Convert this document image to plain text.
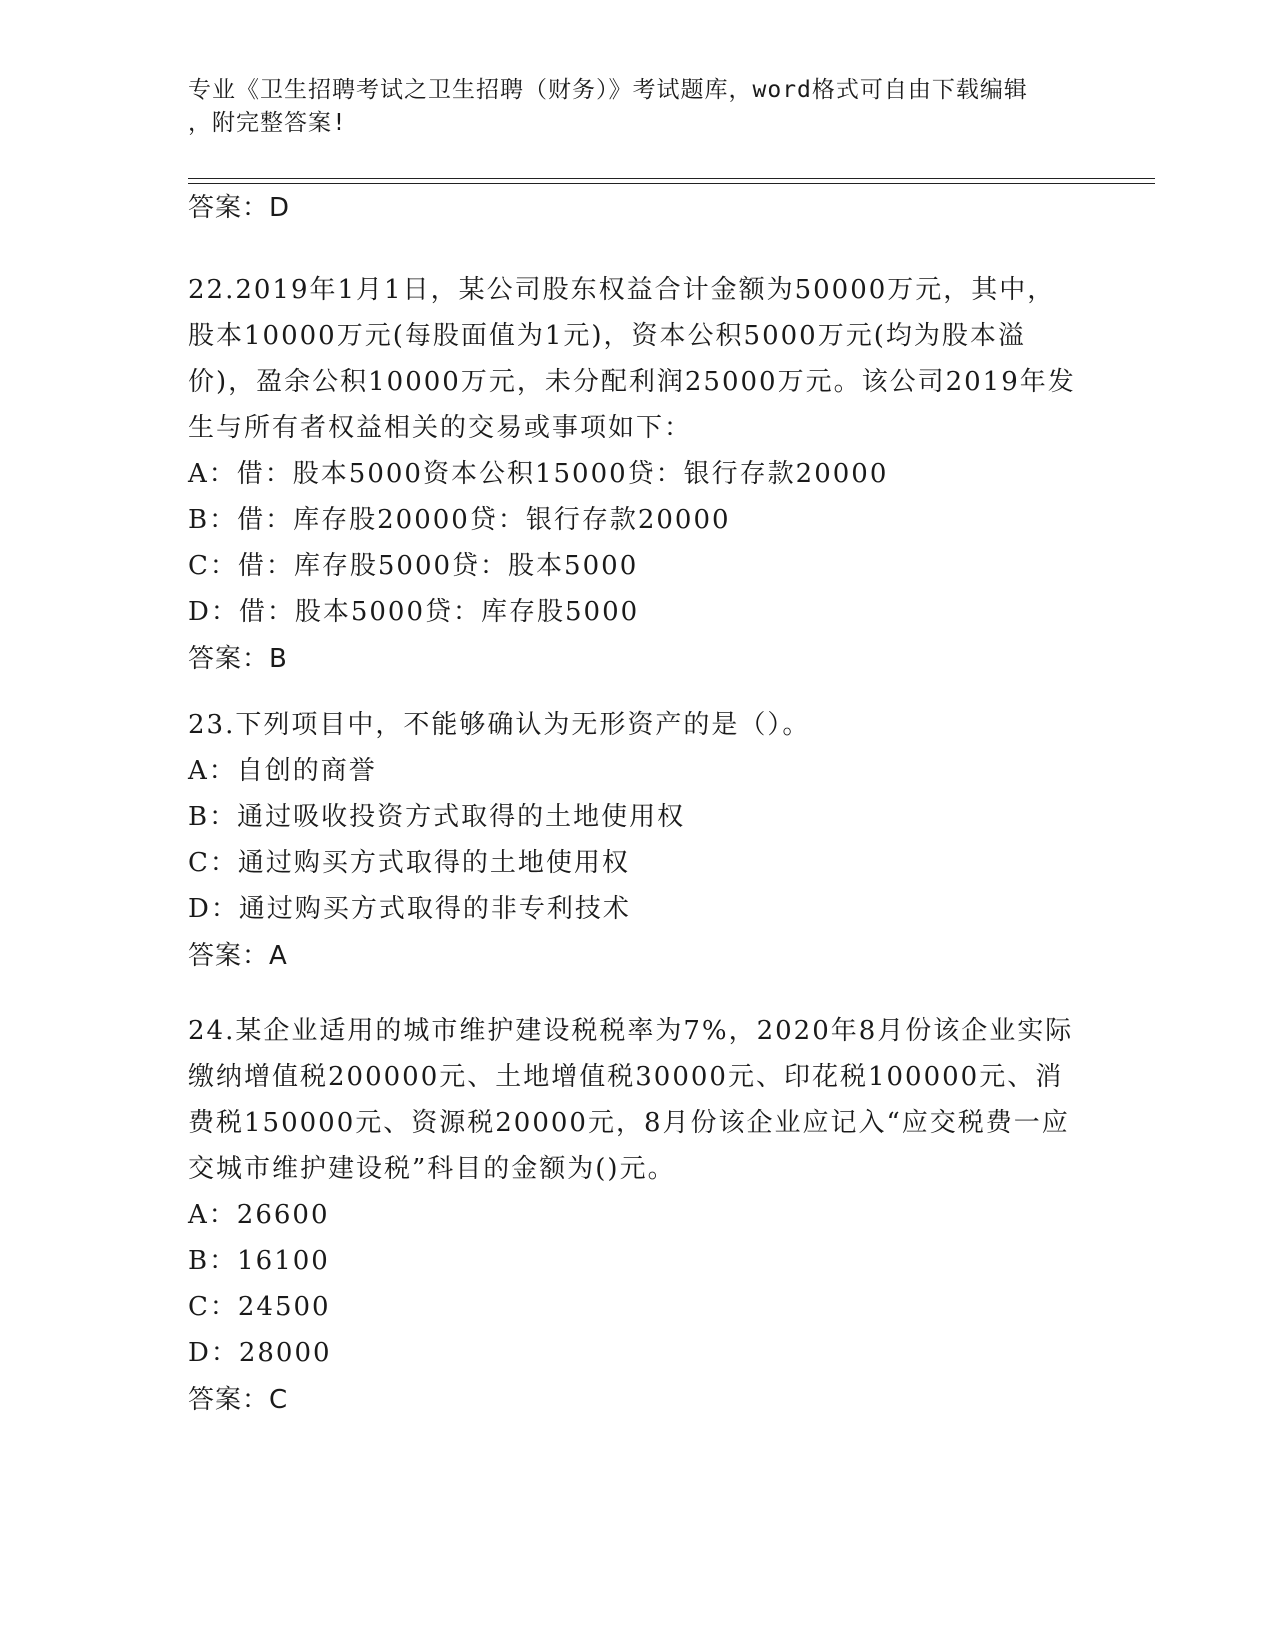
专业《卫生招聘考试之卫生招聘（财务）》考试题库，word格式可自由下载编辑
，附完整答案!

答案：D

22.2019年1月1日，某公司股东权益合计金额为50000万元，其中，股本10000万元(每股面值为1元)，资本公积5000万元(均为股本溢价)，盈余公积10000万元，未分配利润25000万元。该公司2019年发生与所有者权益相关的交易或事项如下：

A：借：股本5000资本公积15000贷：银行存款20000

B：借：库存股20000贷：银行存款20000

C：借：库存股5000贷：股本5000

D：借：股本5000贷：库存股5000

答案：B

23.下列项目中，不能够确认为无形资产的是（）。

A：自创的商誉

B：通过吸收投资方式取得的土地使用权

C：通过购买方式取得的土地使用权

D：通过购买方式取得的非专利技术

答案：A

24.某企业适用的城市维护建设税税率为7%，2020年8月份该企业实际缴纳增值税200000元、土地增值税30000元、印花税100000元、消费税150000元、资源税20000元，8月份该企业应记入“应交税费一应交城市维护建设税”科目的金额为()元。

A：26600

B：16100

C：24500

D：28000

答案：C
